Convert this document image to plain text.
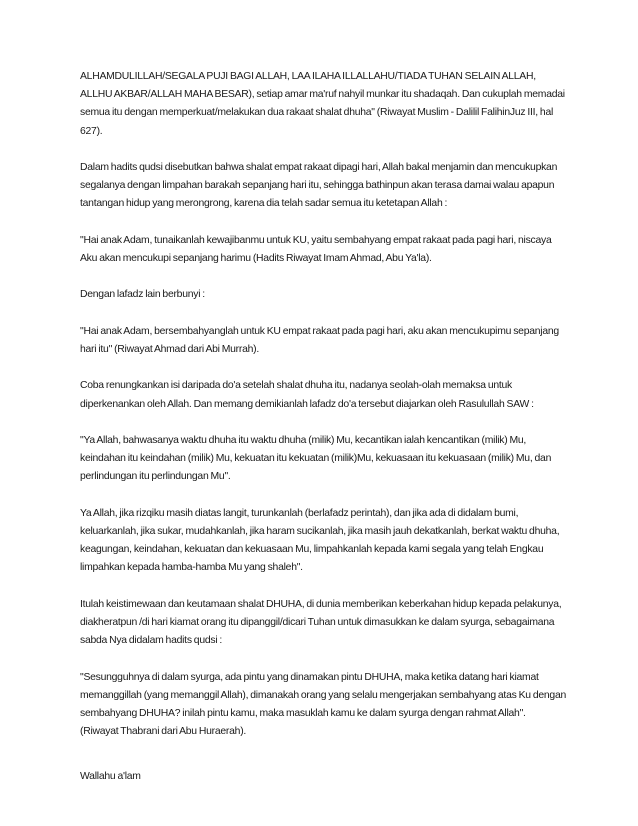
ALHAMDULILLAH/SEGALA PUJI BAGI ALLAH, LAA ILAHA ILLALLAHU/TIADA TUHAN SELAIN ALLAH, ALLHU AKBAR/ALLAH MAHA BESAR), setiap amar ma'ruf nahyil munkar itu shadaqah. Dan cukuplah memadai semua itu dengan memperkuat/melakukan dua rakaat shalat dhuha" (Riwayat Muslim - Dalilil FalihinJuz III, hal 627).

Dalam hadits qudsi disebutkan bahwa shalat empat rakaat dipagi hari, Allah bakal menjamin dan mencukupkan segalanya dengan limpahan barakah sepanjang hari itu, sehingga bathinpun akan terasa damai walau apapun tantangan hidup yang merongrong, karena dia telah sadar semua itu ketetapan Allah :

"Hai anak Adam, tunaikanlah kewajibanmu untuk KU, yaitu sembahyang empat rakaat pada pagi hari, niscaya Aku akan mencukupi sepanjang harimu (Hadits Riwayat Imam Ahmad, Abu Ya'la).

Dengan lafadz lain berbunyi :

"Hai anak Adam, bersembahyanglah untuk KU empat rakaat pada pagi hari, aku akan mencukupimu sepanjang hari itu" (Riwayat Ahmad dari Abi Murrah).

Coba renungkankan isi daripada do'a setelah shalat dhuha itu, nadanya seolah-olah memaksa untuk diperkenankan oleh Allah. Dan memang demikianlah lafadz do'a tersebut diajarkan oleh Rasulullah SAW :

"Ya Allah, bahwasanya waktu dhuha itu waktu dhuha (milik) Mu, kecantikan ialah kencantikan (milik) Mu, keindahan itu keindahan (milik) Mu, kekuatan itu kekuatan (milik)Mu, kekuasaan itu kekuasaan (milik) Mu, dan perlindungan itu perlindungan Mu".

Ya Allah, jika rizqiku masih diatas langit, turunkanlah (berlafadz perintah), dan jika ada di didalam bumi, keluarkanlah, jika sukar, mudahkanlah, jika haram sucikanlah, jika masih jauh dekatkanlah, berkat waktu dhuha, keagungan, keindahan, kekuatan dan kekuasaan Mu, limpahkanlah kepada kami segala yang telah Engkau limpahkan kepada hamba-hamba Mu yang shaleh".

Itulah keistimewaan dan keutamaan shalat DHUHA, di dunia memberikan keberkahan hidup kepada pelakunya, diakheratpun /di hari kiamat orang itu dipanggil/dicari Tuhan untuk dimasukkan ke dalam syurga, sebagaimana sabda Nya didalam hadits qudsi :

"Sesungguhnya di dalam syurga, ada pintu yang dinamakan pintu DHUHA, maka ketika datang hari kiamat memanggillah (yang memanggil Allah), dimanakah orang yang selalu mengerjakan sembahyang atas Ku dengan sembahyang DHUHA? inilah pintu kamu, maka masuklah kamu ke dalam syurga dengan rahmat Allah". (Riwayat Thabrani dari Abu Huraerah).

Wallahu a'lam
